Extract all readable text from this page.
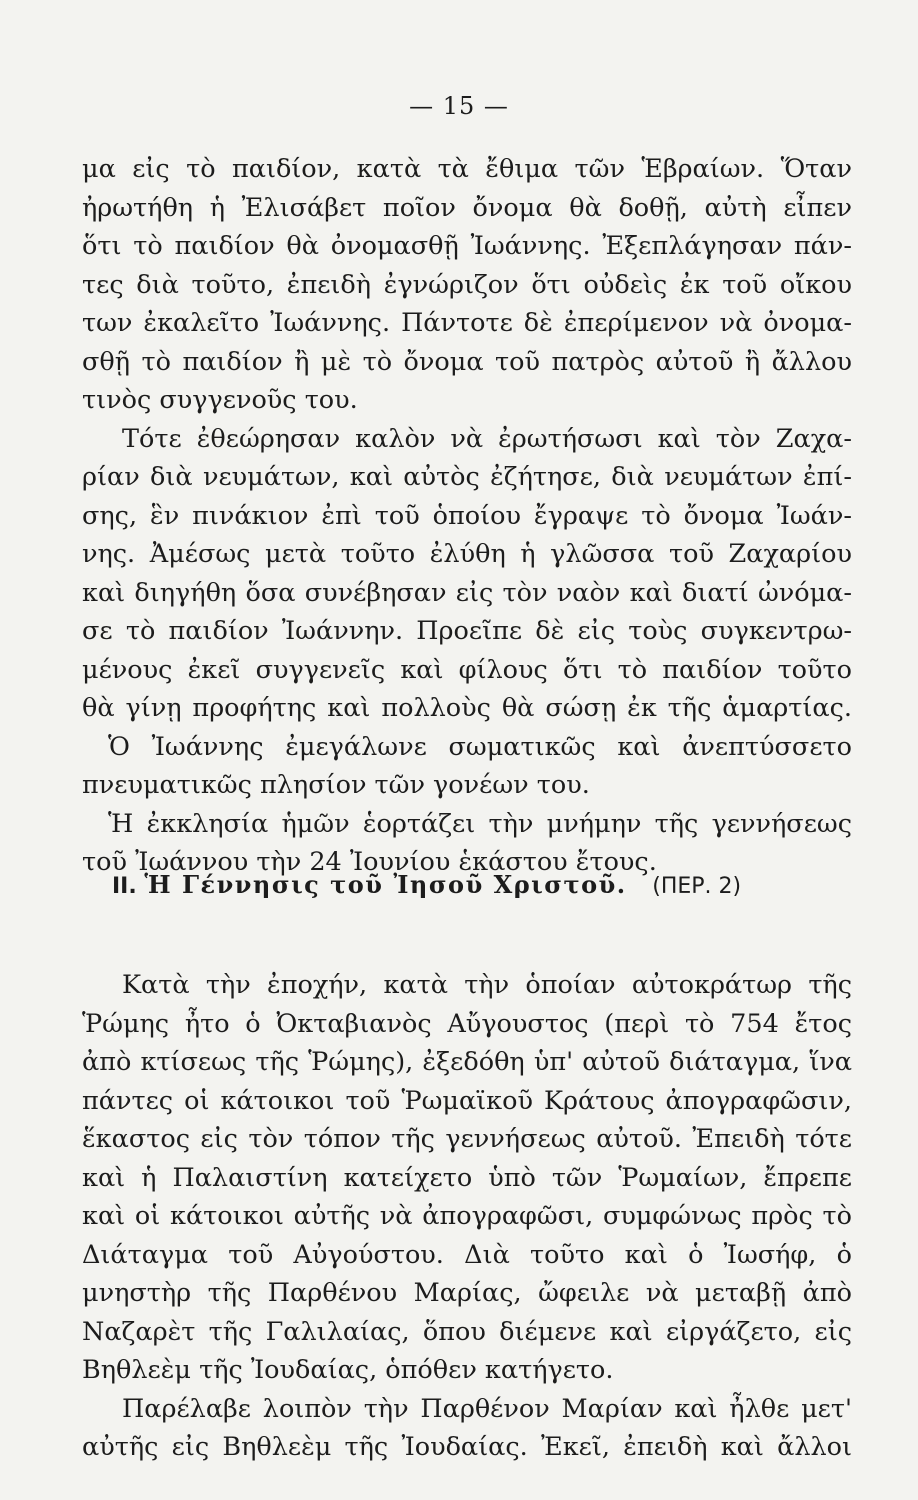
— 15 —
μα εἰς τὸ παιδίον, κατὰ τὰ ἔθιμα τῶν Ἑβραίων. Ὅταν
ἠρωτήθη ἡ Ἐλισάβετ ποῖον ὄνομα θὰ δοθῇ, αὐτὴ εἶπεν
ὅτι τὸ παιδίον θὰ ὀνομασθῇ Ἰωάννης. Ἐξεπλάγησαν πάν-
τες διὰ τοῦτο, ἐπειδὴ ἐγνώριζον ὅτι οὐδεὶς ἐκ τοῦ οἴκου
των ἐκαλεῖτο Ἰωάννης. Πάντοτε δὲ ἐπερίμενον νὰ ὀνομα-
σθῇ τὸ παιδίον ἢ μὲ τὸ ὄνομα τοῦ πατρὸς αὐτοῦ ἢ ἄλλου
τινὸς συγγενοῦς του.
Τότε ἐθεώρησαν καλὸν νὰ ἐρωτήσωσι καὶ τὸν Ζαχα-
ρίαν διὰ νευμάτων, καὶ αὐτὸς ἐζήτησε, διὰ νευμάτων ἐπί-
σης, ἓν πινάκιον ἐπὶ τοῦ ὁποίου ἔγραψε τὸ ὄνομα Ἰωάν-
νης. Ἀμέσως μετὰ τοῦτο ἐλύθη ἡ γλῶσσα τοῦ Ζαχαρίου
καὶ διηγήθη ὅσα συνέβησαν εἰς τὸν ναὸν καὶ διατί ὠνόμα-
σε τὸ παιδίον Ἰωάννην. Προεῖπε δὲ εἰς τοὺς συγκεντρω-
μένους ἐκεῖ συγγενεῖς καὶ φίλους ὅτι τὸ παιδίον τοῦτο
θὰ γίνῃ προφήτης καὶ πολλοὺς θὰ σώσῃ ἐκ τῆς ἁμαρτίας.
Ὁ Ἰωάννης ἐμεγάλωνε σωματικῶς καὶ ἀνεπτύσσετο
πνευματικῶς πλησίον τῶν γονέων του.
Ἡ ἐκκλησία ἡμῶν ἑορτάζει τὴν μνήμην τῆς γεννήσεως
τοῦ Ἰωάννου τὴν 24 Ἰουνίου ἑκάστου ἔτους.
II. Ἡ Γέννησις τοῦ Ἰησοῦ Χριστοῦ. (ΠΕΡ. 2)
Κατὰ τὴν ἐποχήν, κατὰ τὴν ὁποίαν αὐτοκράτωρ τῆς
Ῥώμης ἦτο ὁ Ὀκταβιανὸς Αὔγουστος (περὶ τὸ 754 ἔτος
ἀπὸ κτίσεως τῆς Ῥώμης), ἐξεδόθη ὑπ' αὐτοῦ διάταγμα, ἵνα
πάντες οἱ κάτοικοι τοῦ Ῥωμαϊκοῦ Κράτους ἀπογραφῶσιν,
ἕκαστος εἰς τὸν τόπον τῆς γεννήσεως αὐτοῦ. Ἐπειδὴ τότε
καὶ ἡ Παλαιστίνη κατείχετο ὑπὸ τῶν Ῥωμαίων, ἔπρεπε
καὶ οἱ κάτοικοι αὐτῆς νὰ ἀπογραφῶσι, συμφώνως πρὸς τὸ
Διάταγμα τοῦ Αὐγούστου. Διὰ τοῦτο καὶ ὁ Ἰωσήφ, ὁ
μνηστὴρ τῆς Παρθένου Μαρίας, ὤφειλε νὰ μεταβῇ ἀπὸ
Ναζαρὲτ τῆς Γαλιλαίας, ὅπου διέμενε καὶ εἰργάζετο, εἰς
Βηθλεὲμ τῆς Ἰουδαίας, ὁπόθεν κατήγετο.
Παρέλαβε λοιπὸν τὴν Παρθένον Μαρίαν καὶ ἦλθε μετ'
αὐτῆς εἰς Βηθλεὲμ τῆς Ἰουδαίας. Ἐκεῖ, ἐπειδὴ καὶ ἄλλοι
